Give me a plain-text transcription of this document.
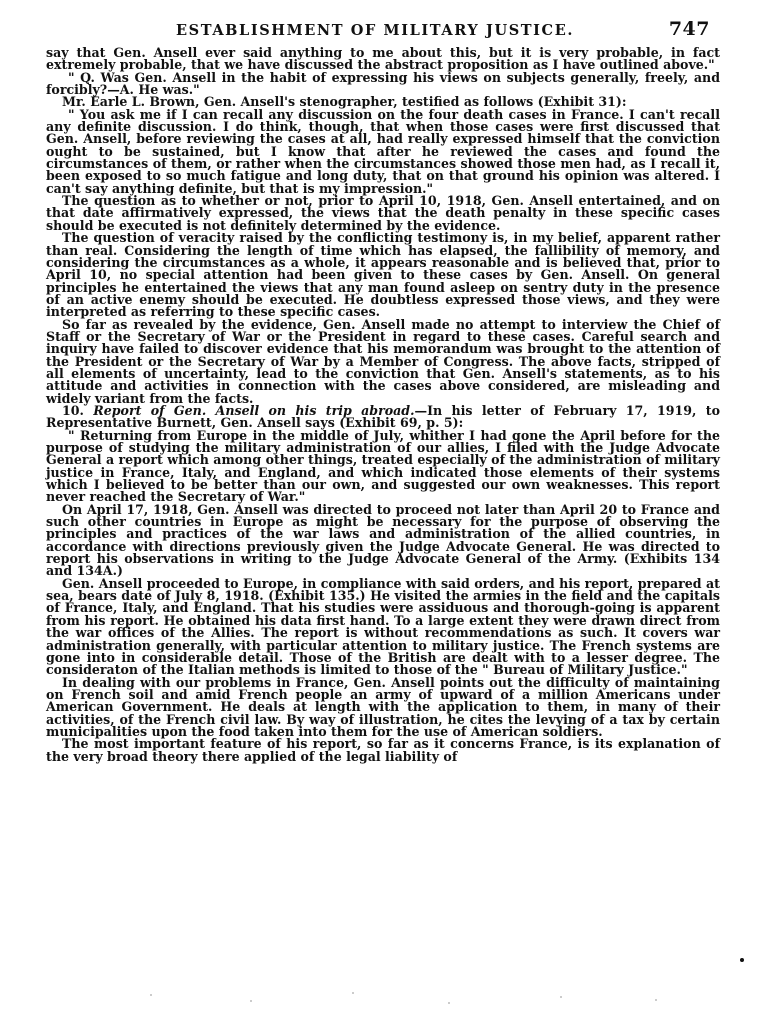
ESTABLISHMENT OF MILITARY JUSTICE.	747

say that Gen. Ansell ever said anything to me about this, but it is very probable, in fact extremely probable, that we have discussed the abstract proposition as I have outlined above."

" Q. Was Gen. Ansell in the habit of expressing his views on subjects generally, freely, and forcibly?—A. He was."

Mr. Earle L. Brown, Gen. Ansell's stenographer, testified as follows (Exhibit 31):

" You ask me if I can recall any discussion on the four death cases in France. I can't recall any definite discussion. I do think, though, that when those cases were first discussed that Gen. Ansell, before reviewing the cases at all, had really expressed himself that the conviction ought to be sustained, but I know that after he reviewed the cases and found the circumstances of them, or rather when the circumstances showed those men had, as I recall it, been exposed to so much fatigue and long duty, that on that ground his opinion was altered. I can't say anything definite, but that is my impression."

The question as to whether or not, prior to April 10, 1918, Gen. Ansell entertained, and on that date affirmatively expressed, the views that the death penalty in these specific cases should be executed is not definitely determined by the evidence.

The question of veracity raised by the conflicting testimony is, in my belief, apparent rather than real. Considering the length of time which has elapsed, the fallibility of memory, and considering the circumstances as a whole, it appears reasonable and is believed that, prior to April 10, no special attention had been given to these cases by Gen. Ansell. On general principles he entertained the views that any man found asleep on sentry duty in the presence of an active enemy should be executed. He doubtless expressed those views, and they were interpreted as referring to these specific cases.

So far as revealed by the evidence, Gen. Ansell made no attempt to interview the Chief of Staff or the Secretary of War or the President in regard to these cases. Careful search and inquiry have failed to discover evidence that his memorandum was brought to the attention of the President or the Secretary of War by a Member of Congress. The above facts, stripped of all elements of uncertainty, lead to the conviction that Gen. Ansell's statements, as to his attitude and activities in connection with the cases above considered, are misleading and widely variant from the facts.

10. Report of Gen. Ansell on his trip abroad.—In his letter of February 17, 1919, to Representative Burnett, Gen. Ansell says (Exhibit 69, p. 5):

" Returning from Europe in the middle of July, whither I had gone the April before for the purpose of studying the military administration of our allies, I filed with the Judge Advocate General a report which among other things, treated especially of the administration of military justice in France, Italy, and England, and which indicated those elements of their systems which I believed to be better than our own, and suggested our own weaknesses. This report never reached the Secretary of War."

On April 17, 1918, Gen. Ansell was directed to proceed not later than April 20 to France and such other countries in Europe as might be necessary for the purpose of observing the principles and practices of the war laws and administration of the allied countries, in accordance with directions previously given the Judge Advocate General. He was directed to report his observations in writing to the Judge Advocate General of the Army. (Exhibits 134 and 134A.)

Gen. Ansell proceeded to Europe, in compliance with said orders, and his report, prepared at sea, bears date of July 8, 1918. (Exhibit 135.) He visited the armies in the field and the capitals of France, Italy, and England. That his studies were assiduous and thorough-going is apparent from his report. He obtained his data first hand. To a large extent they were drawn direct from the war offices of the Allies. The report is without recommendations as such. It covers war administration generally, with particular attention to military justice. The French systems are gone into in considerable detail. Those of the British are dealt with to a lesser degree. The consideraton of the Italian methods is limited to those of the " Bureau of Military Justice."

In dealing with our problems in France, Gen. Ansell points out the difficulty of maintaining on French soil and amid French people an army of upward of a million Americans under American Government. He deals at length with the application to them, in many of their activities, of the French civil law. By way of illustration, he cites the levying of a tax by certain municipalities upon the food taken into them for the use of American soldiers.

The most important feature of his report, so far as it concerns France, is its explanation of the very broad theory there applied of the legal liability of
